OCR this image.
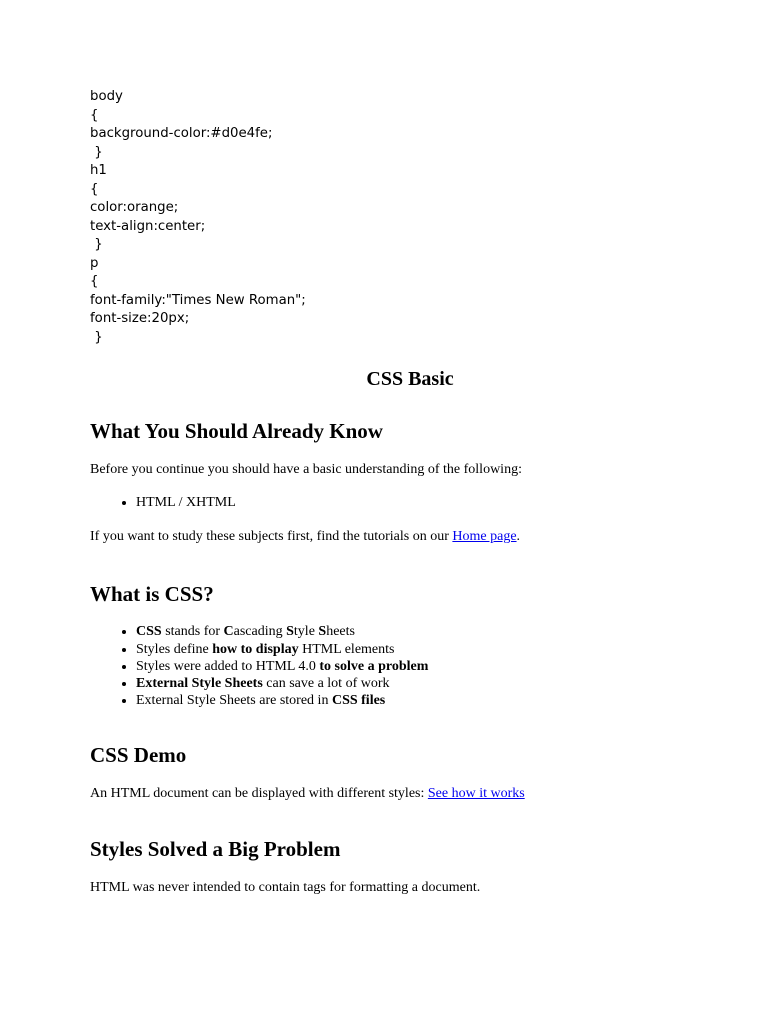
body
{
background-color:#d0e4fe;
}
h1
{
color:orange;
text-align:center;
}
p
{
font-family:"Times New Roman";
font-size:20px;
}
CSS Basic
What You Should Already Know

Before you continue you should have a basic understanding of the following:

• HTML / XHTML

If you want to study these subjects first, find the tutorials on our Home page.

What is CSS?
• CSS stands for Cascading Style Sheets
• Styles define how to display HTML elements
• Styles were added to HTML 4.0 to solve a problem
• External Style Sheets can save a lot of work
• External Style Sheets are stored in CSS files
CSS Demo

An HTML document can be displayed with different styles: See how it works

Styles Solved a Big Problem

HTML was never intended to contain tags for formatting a document.
